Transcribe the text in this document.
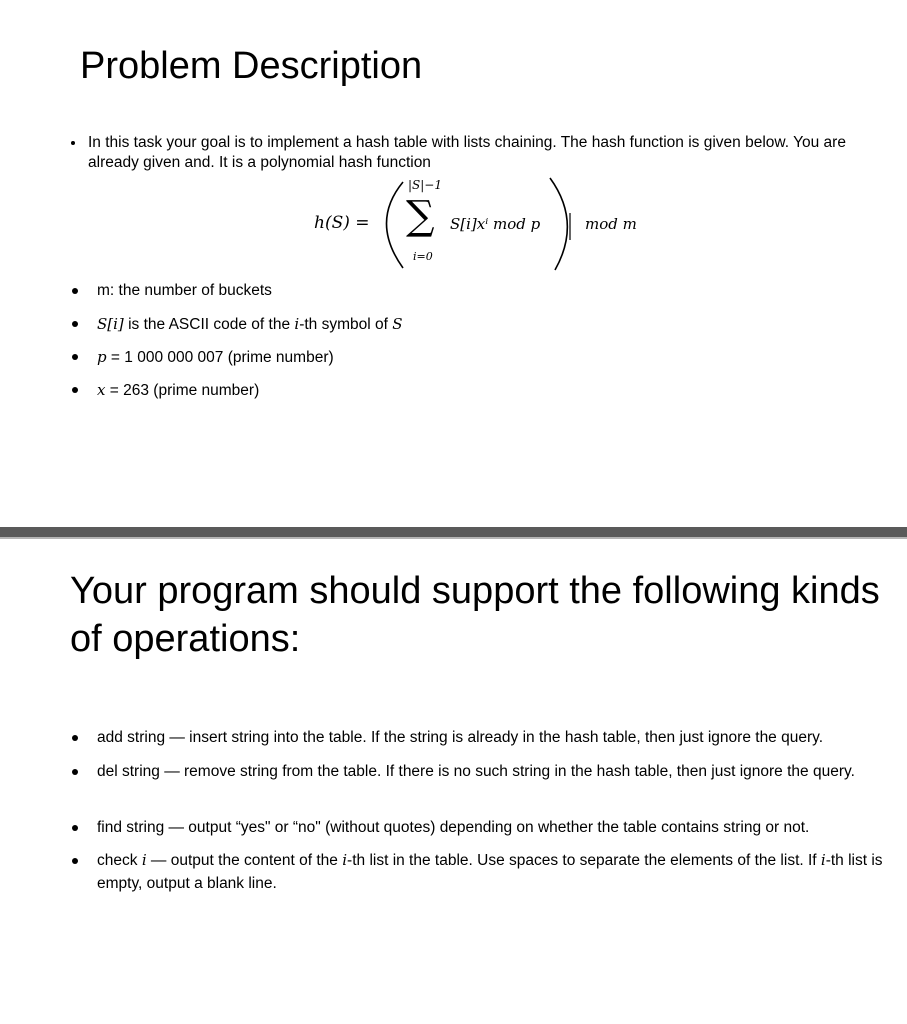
Problem Description
In this task your goal is to implement a hash table with lists chaining. The hash function is given below. You are already given and. It is a polynomial hash function
h(S) =
|S|−1
∑
i=0
S[i]xⁱ mod p	mod m
m: the number of buckets
S[i] is the ASCII code of the i-th symbol of S
p = 1 000 000 007 (prime number)
x = 263 (prime number)
Your program should support the following kinds of operations:
add string — insert string into the table. If the string is already in the hash table, then just ignore the query.
del string — remove string from the table. If there is no such string in the hash table, then just ignore the query.
find string — output “yes" or “no" (without quotes) depending on whether the table contains string or not.
check i — output the content of the i-th list in the table. Use spaces to separate the elements of the list. If i-th list is empty, output a blank line.
